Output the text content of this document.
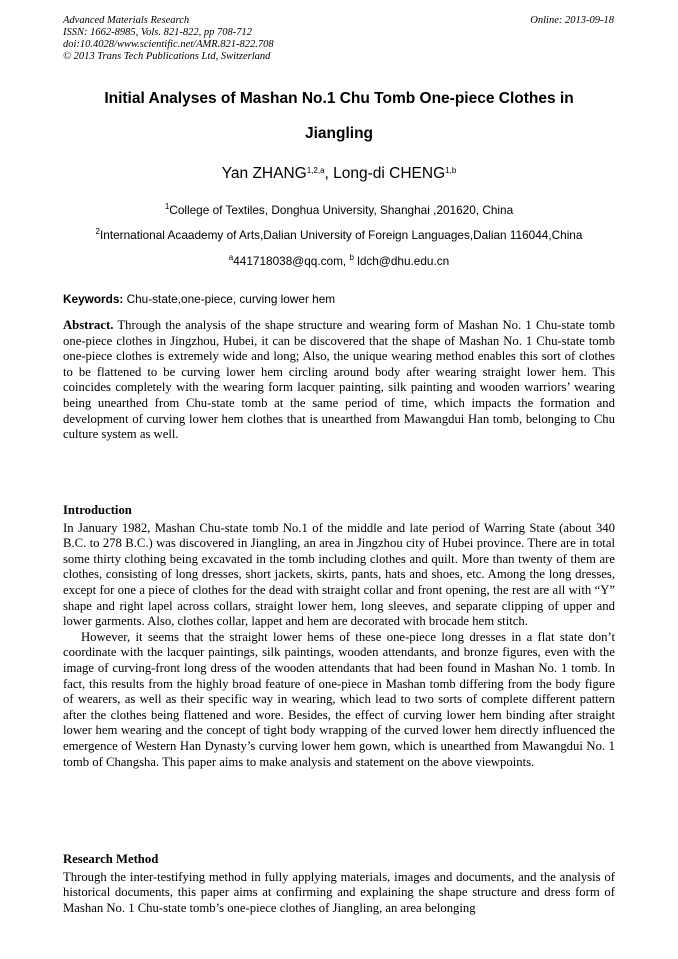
Advanced Materials Research
ISSN: 1662-8985, Vols. 821-822, pp 708-712
doi:10.4028/www.scientific.net/AMR.821-822.708
© 2013 Trans Tech Publications Ltd, Switzerland
Online: 2013-09-18
Initial Analyses of Mashan No.1 Chu Tomb One-piece Clothes in
Jiangling
Yan ZHANG$^{1,2,a}$, Long-di CHENG$^{1,b}$
$^1$College of Textiles, Donghua University, Shanghai ,201620, China
$^2$International Acaademy of Arts,Dalian University of Foreign Languages,Dalian 116044,China
$^a$441718038@qq.com, $^b$ ldch@dhu.edu.cn
Keywords: Chu-state,one-piece, curving lower hem

Abstract. Through the analysis of the shape structure and wearing form of Mashan No. 1 Chu-state tomb one-piece clothes in Jingzhou, Hubei, it can be discovered that the shape of Mashan No. 1 Chu-state tomb one-piece clothes is extremely wide and long; Also, the unique wearing method enables this sort of clothes to be flattened to be curving lower hem circling around body after wearing straight lower hem. This coincides completely with the wearing form lacquer painting, silk painting and wooden warriors’ wearing being unearthed from Chu-state tomb at the same period of time, which impacts the formation and development of curving lower hem clothes that is unearthed from Mawangdui Han tomb, belonging to Chu culture system as well.

Introduction

In January 1982, Mashan Chu-state tomb No.1 of the middle and late period of Warring State (about 340 B.C. to 278 B.C.) was discovered in Jiangling, an area in Jingzhou city of Hubei province. There are in total some thirty clothing being excavated in the tomb including clothes and quilt. More than twenty of them are clothes, consisting of long dresses, short jackets, skirts, pants, hats and shoes, etc. Among the long dresses, except for one a piece of clothes for the dead with straight collar and front opening, the rest are all with “Y” shape and right lapel across collars, straight lower hem, long sleeves, and separate clipping of upper and lower garments. Also, clothes collar, lappet and hem are decorated with brocade hem stitch.

However, it seems that the straight lower hems of these one-piece long dresses in a flat state don’t coordinate with the lacquer paintings, silk paintings, wooden attendants, and bronze figures, even with the image of curving-front long dress of the wooden attendants that had been found in Mashan No. 1 tomb. In fact, this results from the highly broad feature of one-piece in Mashan tomb differing from the body figure of wearers, as well as their specific way in wearing, which lead to two sorts of complete different pattern after the clothes being flattened and wore. Besides, the effect of curving lower hem binding after straight lower hem wearing and the concept of tight body wrapping of the curved lower hem directly influenced the emergence of Western Han Dynasty’s curving lower hem gown, which is unearthed from Mawangdui No. 1 tomb of Changsha. This paper aims to make analysis and statement on the above viewpoints.

Research Method

Through the inter-testifying method in fully applying materials, images and documents, and the analysis of historical documents, this paper aims at confirming and explaining the shape structure and dress form of Mashan No. 1 Chu-state tomb’s one-piece clothes of Jiangling, an area belonging
